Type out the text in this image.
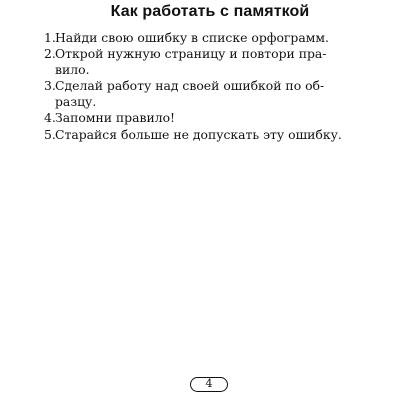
Как работать с памяткой
1. Найди свою ошибку в списке орфограмм.
2. Открой нужную страницу и повтори пра-
вило.
3. Сделай работу над своей ошибкой по об-
разцу.
4. Запомни правило!
5. Старайся больше не допускать эту ошибку.
4
